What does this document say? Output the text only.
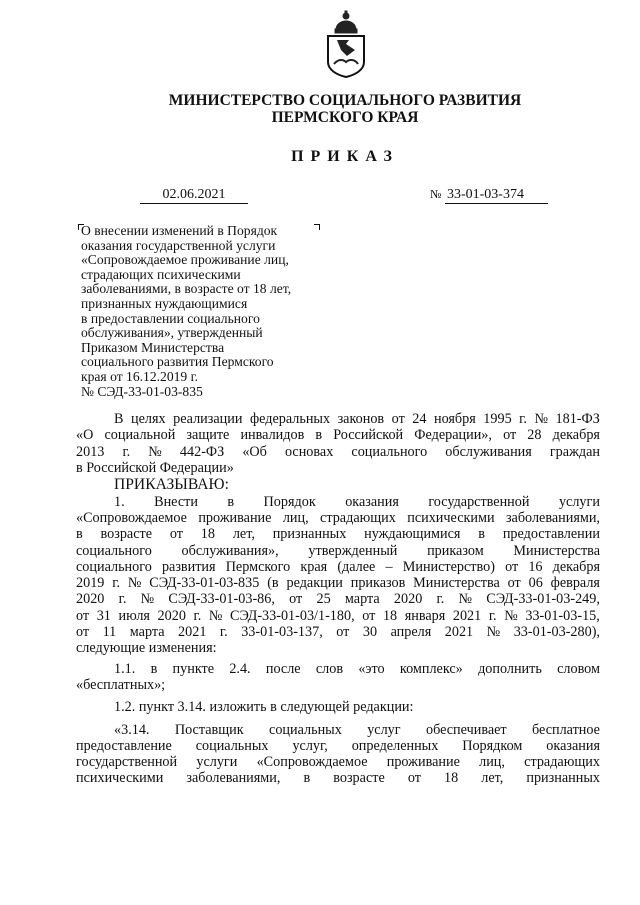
МИНИСТЕРСТВО СОЦИАЛЬНОГО РАЗВИТИЯ
ПЕРМСКОГО КРАЯ
ПРИКАЗ
02.06.2021	№ 33-01-03-374
О внесении изменений в Порядок
оказания государственной услуги
«Сопровождаемое проживание лиц,
страдающих психическими
заболеваниями, в возрасте от 18 лет,
признанных нуждающимися
в предоставлении социального
обслуживания», утвержденный
Приказом Министерства
социального развития Пермского
края от 16.12.2019 г.
№ СЭД-33-01-03-835
В целях реализации федеральных законов от 24 ноября 1995 г. № 181-ФЗ
«О социальной защите инвалидов в Российской Федерации», от 28 декабря
2013 г. № 442-ФЗ «Об основах социального обслуживания граждан
в Российской Федерации»
ПРИКАЗЫВАЮ:
1. Внести в Порядок оказания государственной услуги
«Сопровождаемое проживание лиц, страдающих психическими заболеваниями,
в возрасте от 18 лет, признанных нуждающимися в предоставлении
социального обслуживания», утвержденный приказом Министерства
социального развития Пермского края (далее – Министерство) от 16 декабря
2019 г. № СЭД-33-01-03-835 (в редакции приказов Министерства от 06 февраля
2020 г. № СЭД-33-01-03-86, от 25 марта 2020 г. № СЭД-33-01-03-249,
от 31 июля 2020 г. № СЭД-33-01-03/1-180, от 18 января 2021 г. № 33-01-03-15,
от 11 марта 2021 г. 33-01-03-137, от 30 апреля 2021 № 33-01-03-280),
следующие изменения:
1.1. в пункте 2.4. после слов «это комплекс» дополнить словом
«бесплатных»;
1.2. пункт 3.14. изложить в следующей редакции:
«3.14. Поставщик социальных услуг обеспечивает бесплатное
предоставление социальных услуг, определенных Порядком оказания
государственной услуги «Сопровождаемое проживание лиц, страдающих
психическими заболеваниями, в возрасте от 18 лет, признанных
